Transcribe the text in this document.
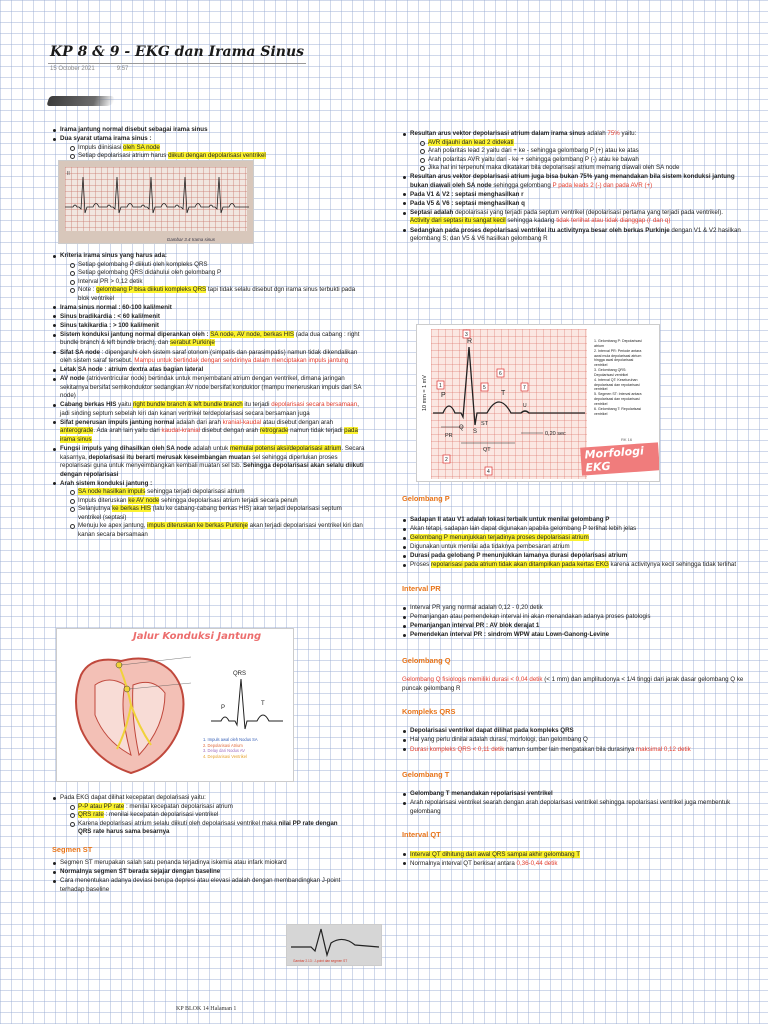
KP 8 & 9 - EKG dan Irama Sinus
15 October 2021	9:57
Irama jantung normal disebut sebagai irama sinus
Dua syarat utama irama sinus :
Impuls diinisiasi oleh SA node
Setiap depolarisasi atrium harus diikuti dengan depolarisasi ventrikel
II
Gambar 3.4 Irama sinus
Kriteria irama sinus yang harus ada:
Setiap gelombang P diikuti oleh kompleks QRS
Setiap gelombang QRS didahului oleh gelombang P
Interval PR > 0,12 detik
Note : gelombang P bisa diikuti kompleks QRS tapi tidak selalu disebut dgn irama sinus terbukti pada blok ventrikel
Irama sinus normal : 60-100 kali/menit
Sinus bradikardia : < 60 kali/menit
Sinus takikardia : > 100 kali/menit
Sistem konduksi jantung normal diperankan oleh : SA node, AV node, berkas HIS (ada dua cabang : right bundle branch & left bundle brach), dan serabut Purkinje
Sifat SA node : dipengaruhi oleh sistem saraf otonom (simpatis dan parasimpatis) namun tidak dikendalikan oleh sistem saraf tersebut. Mampu untuk bertindak dengan sendirinya dalam menciptakan impuls jantung
Letak SA node : atrium dextra atas bagian lateral
AV node (atrioventricular node) bertindak untuk menjembatani atrium dengan ventrikel, dimana jaringan sekitarnya bersifat semikonduktor sedangkan AV node bersifat konduktor (mampu meneruskan impuls dari SA node)
Cabang berkas HIS yaitu right bundle branch & left bundle branch itu terjadi depolarisasi secara bersamaan, jadi sinding septum sebelah kiri dan kanan ventrikel terdepolarisasi secara bersamaan juga
Sifat penerusan impuls jantung normal adalah dari arah kranial-kaudal atau disebut dengan arah anterograde. Ada arah lain yaitu dari kaudal-kranial disebut dengan arah retrograde namun tidak terjadi pada irama sinus
Fungsi impuls yang dihasilkan oleh SA node adalah untuk memulai potensi aksi/depolarisasi atrium. Secara kasarnya, depolarisasi itu berarti merusak keseimbangan muatan sel sehingga diperlukan proses repolarisasi guna untuk menyeimbangkan kembali muatan sel tsb. Sehingga depolarisasi akan selalu diikuti dengan repolarisasi
Arah sistem konduksi jantung :
SA node hasilkan impuls sehingga terjadi depolarisasi atrium
Impuls diteruskan ke AV node sehingga depolarisasi atrium terjadi secara penuh
Selanjutnya ke berkas HIS (lalu ke cabang-cabang berkas HIS) akan terjadi depolarisasi septum ventrikel (septasi)
Menuju ke apex jantung, impuls diteruskan ke berkas Purkinje akan terjadi depolarisasi ventrikel kiri dan kanan secara bersamaan
Jalur Konduksi Jantung
QRS
P
T
1. Impuls awal oleh Nodus SA
2. Depolarisasi Atrium
3. Delay dari Nodus AV
4. Depolarisasi Ventrikel
Pada EKG dapat dilihat kecepatan depolarisasi yaitu:
P-P atau PP rate : menilai kecepatan depolarisasi atrium
QRS rate : menilai kecepatan depolarisasi ventrikel
Karena depolarisasi atrium selalu diikuti oleh depolarisasi ventrikel maka nilai PP rate dengan QRS rate harus sama besarnya
Segmen ST
Segmen ST merupakan salah satu penanda terjadinya iskemia atau infark miokard
Normalnya segmen ST berada sejajar dengan baseline
Cara menentukan adanya deviasi berupa depresi atau elevasi adalah dengan membandingkan J-point terhadap baseline
Gambar 2.13 : J-point dan segmen ST
Resultan arus vektor depolarisasi atrium dalam irama sinus adalah 75% yaitu:
AVR dijauhi dan lead 2 didekati
Arah polaritas lead 2 yaitu dari + ke - sehingga gelombang P (+) atau ke atas
Arah polaritas AVR yaitu dari - ke + sehingga gelombang P (-) atau ke bawah
Jika hal ini terpenuhi maka dikatakan bila depolarisasi atrium memang diawali oleh SA node
Resultan arus vektor depolarisasi atrium juga bisa bukan 75% yang menandakan bila sistem konduksi jantung bukan diawali oleh SA node sehingga gelombang P pada leads 2 (-) dan pada AVR (+)
Pada V1 & V2 : septasi menghasilkan r
Pada V5 & V6 : septasi menghasilkan q
Septasi adalah depolarisasi yang terjadi pada septum ventrikel (depolarisasi pertama yang terjadi pada ventrikel). Activity dari septasi itu sangat kecil sehingga kadang tidak terlihat atau tidak dianggap (r dan q)
Sedangkan pada proses depolarisasi ventrikel itu activitynya besar oleh berkas Purkinje dengan V1 & V2 hasilkan gelombang S; dan V5 & V6 hasilkan gelombang R
10 mm = 1 mV
R
P	T
U
Q
S
ST
PR
QT
0,20 sec
3
1	5
6
7
2
4
1. Gelombang P: Depolarisasi atrium
2. Interval PR: Periode antara awal mula depolarisasi atrium hingga awal depolarisasi ventrikel
3. Gelombang QRS: Depolarisasi ventrikel
4. Interval QT: Keseluruhan depolarisasi dan repolarisasi ventrikel
5. Segmen ST: Interval antara depolarisasi dan repolarisasi ventrikel
6. Gelombang T: Repolarisasi ventrikel
RK 16
Morfologi EKG
Gelombang P
Sadapan II atau V1 adalah lokasi terbaik untuk menilai gelombang P
Akan tetapi, sadapan lain dapat digunakan apabila gelombang P terlihat lebih jelas
Gelombang P menunjukkan terjadinya proses depolarisasi atrium
Digunakan untuk menilai ada tidaknya pembesaran atrium
Durasi pada gelobang P menunjukkan lamanya durasi depolarisasi atrium
Proses repolarisasi pada atrium tidak akan ditampilkan pada kertas EKG karena activitynya kecil sehingga tidak terlihat
Interval PR
Interval PR yang normal adalah 0,12 - 0,20 detik
Pemanjangan atau pemendekan interval ini akan menandakan adanya proses patologis
Pemanjangan interval PR : AV blok derajat 1
Pemendekan interval PR : sindrom WPW atau Lown-Ganong-Levine
Gelombang Q
Gelombang Q fisiologis memiliki durasi < 0,04 detik (< 1 mm) dan amplitudonya < 1/4 tinggi dari jarak dasar gelombang Q ke puncak gelombang R
Kompleks QRS
Depolarisasi ventrikel dapat dilihat pada kompleks QRS
Hal yang perlu dinilai adalah durasi, morfologi, dan gelombang Q
Durasi kompleks QRS < 0,11 detik namun sumber lain mengatakan bila durasinya maksimal 0,12 detik
Gelombang T
Gelombang T menandakan repolarisasi ventrikel
Arah repolarisasi ventrikel searah dengan arah depolarisasi ventrikel sehingga repolarisasi ventrikel juga membentuk gelombang
Interval QT
Interval QT dihitung dari awal QRS sampai akhir gelombang T
Normalnya interval QT berkisar antara 0,36-0,44 detik
KP BLOK 14 Halaman 1
